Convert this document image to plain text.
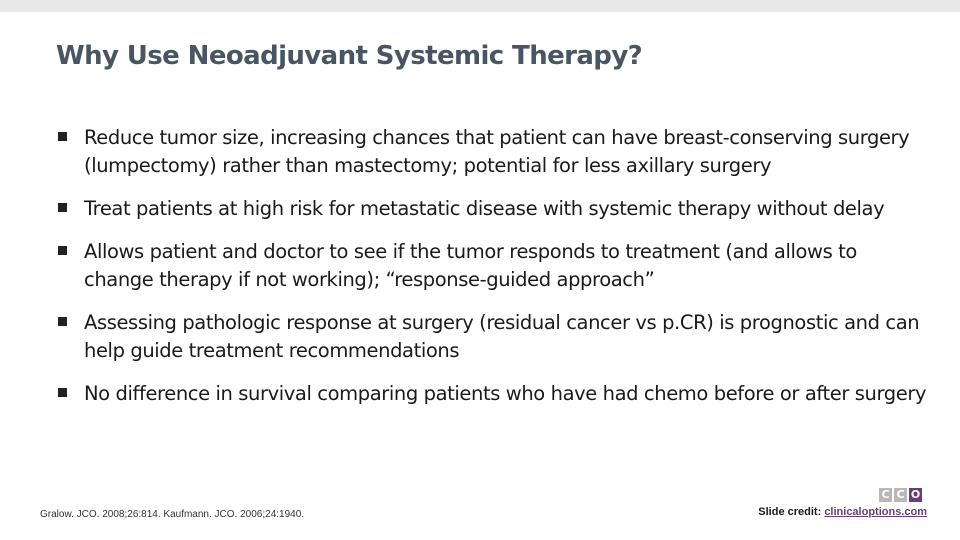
Why Use Neoadjuvant Systemic Therapy?
Reduce tumor size, increasing chances that patient can have breast-conserving surgery (lumpectomy) rather than mastectomy; potential for less axillary surgery
Treat patients at high risk for metastatic disease with systemic therapy without delay
Allows patient and doctor to see if the tumor responds to treatment (and allows to change therapy if not working); “response-guided approach”
Assessing pathologic response at surgery (residual cancer vs p.CR) is prognostic and can help guide treatment recommendations
No difference in survival comparing patients who have had chemo before or after surgery
Gralow. JCO. 2008;26:814. Kaufmann. JCO. 2006;24:1940.
C C O
Slide credit: clinicaloptions.com
